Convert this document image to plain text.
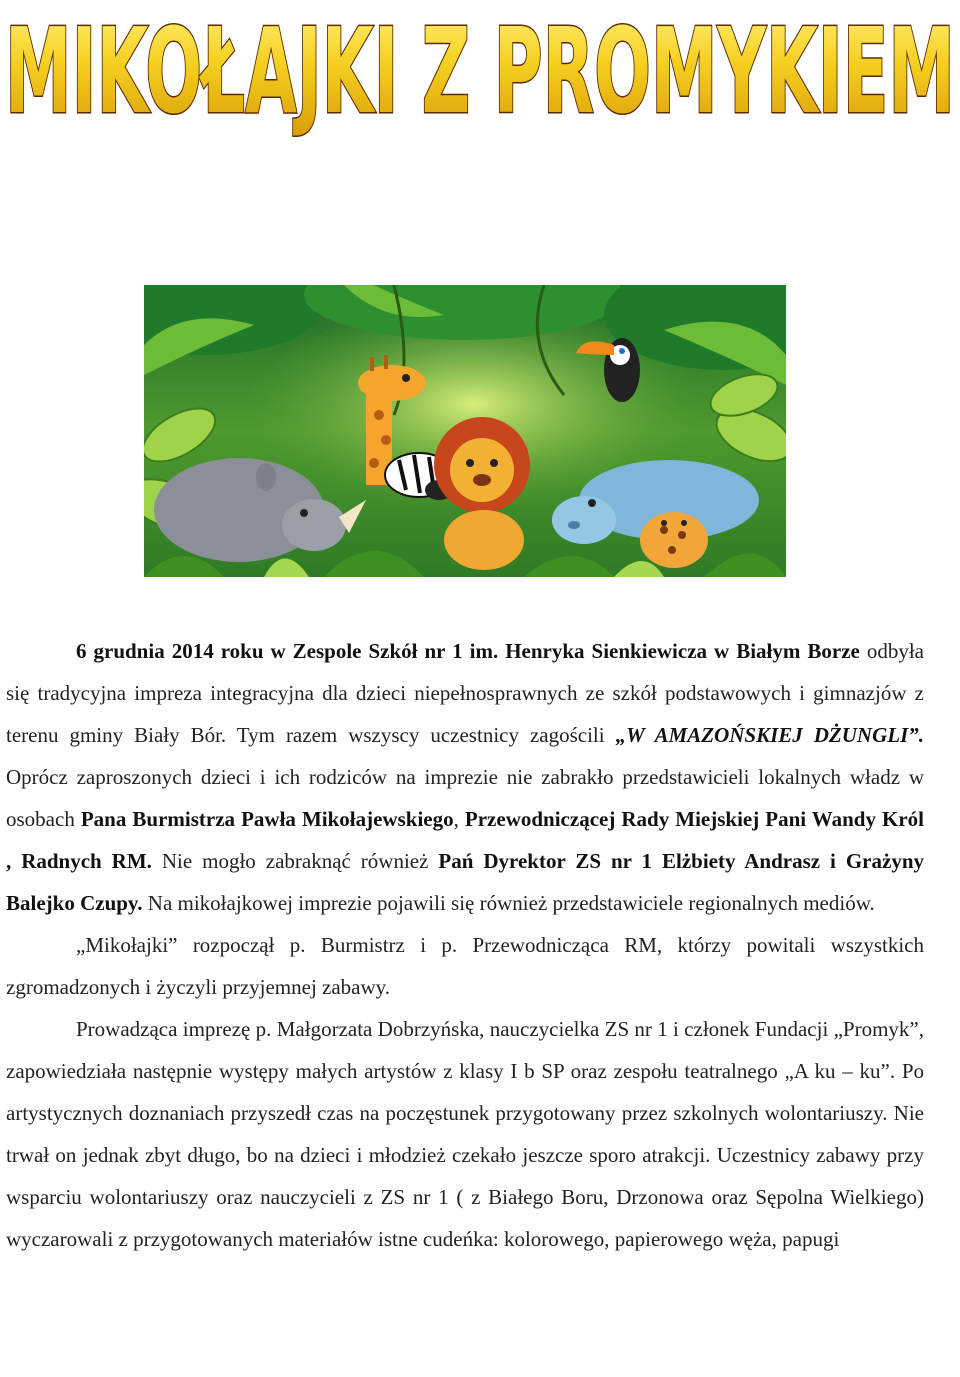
MIKOŁAJKI Z PROMYKIEM

6 grudnia 2014 roku w Zespole Szkół nr 1 im. Henryka Sienkiewicza w Białym Borze odbyła się tradycyjna impreza integracyjna dla dzieci niepełnosprawnych ze szkół podstawowych i gimnazjów z terenu gminy Biały Bór. Tym razem wszyscy uczestnicy zagościli „W AMAZOŃSKIEJ DŻUNGLI”. Oprócz zaproszonych dzieci i ich rodziców na imprezie nie zabrakło przedstawicieli lokalnych władz w osobach Pana Burmistrza Pawła Mikołajewskiego, Przewodniczącej Rady Miejskiej Pani Wandy Król , Radnych RM. Nie mogło zabraknąć również Pań Dyrektor ZS nr 1 Elżbiety Andrasz i Grażyny Balejko Czupy. Na mikołajkowej imprezie pojawili się również przedstawiciele regionalnych mediów.

„Mikołajki” rozpoczął p. Burmistrz i p. Przewodnicząca RM, którzy powitali wszystkich zgromadzonych i życzyli przyjemnej zabawy.

Prowadząca imprezę p. Małgorzata Dobrzyńska, nauczycielka ZS nr 1 i członek Fundacji „Promyk”, zapowiedziała następnie występy małych artystów z klasy I b SP oraz zespołu teatralnego „A ku – ku”. Po artystycznych doznaniach przyszedł czas na poczęstunek przygotowany przez szkolnych wolontariuszy. Nie trwał on jednak zbyt długo, bo na dzieci i młodzież czekało jeszcze sporo atrakcji. Uczestnicy zabawy przy wsparciu wolontariuszy oraz nauczycieli z ZS nr 1 ( z Białego Boru, Drzonowa oraz Sępolna Wielkiego) wyczarowali z przygotowanych materiałów istne cudeńka: kolorowego, papierowego węża, papugi
